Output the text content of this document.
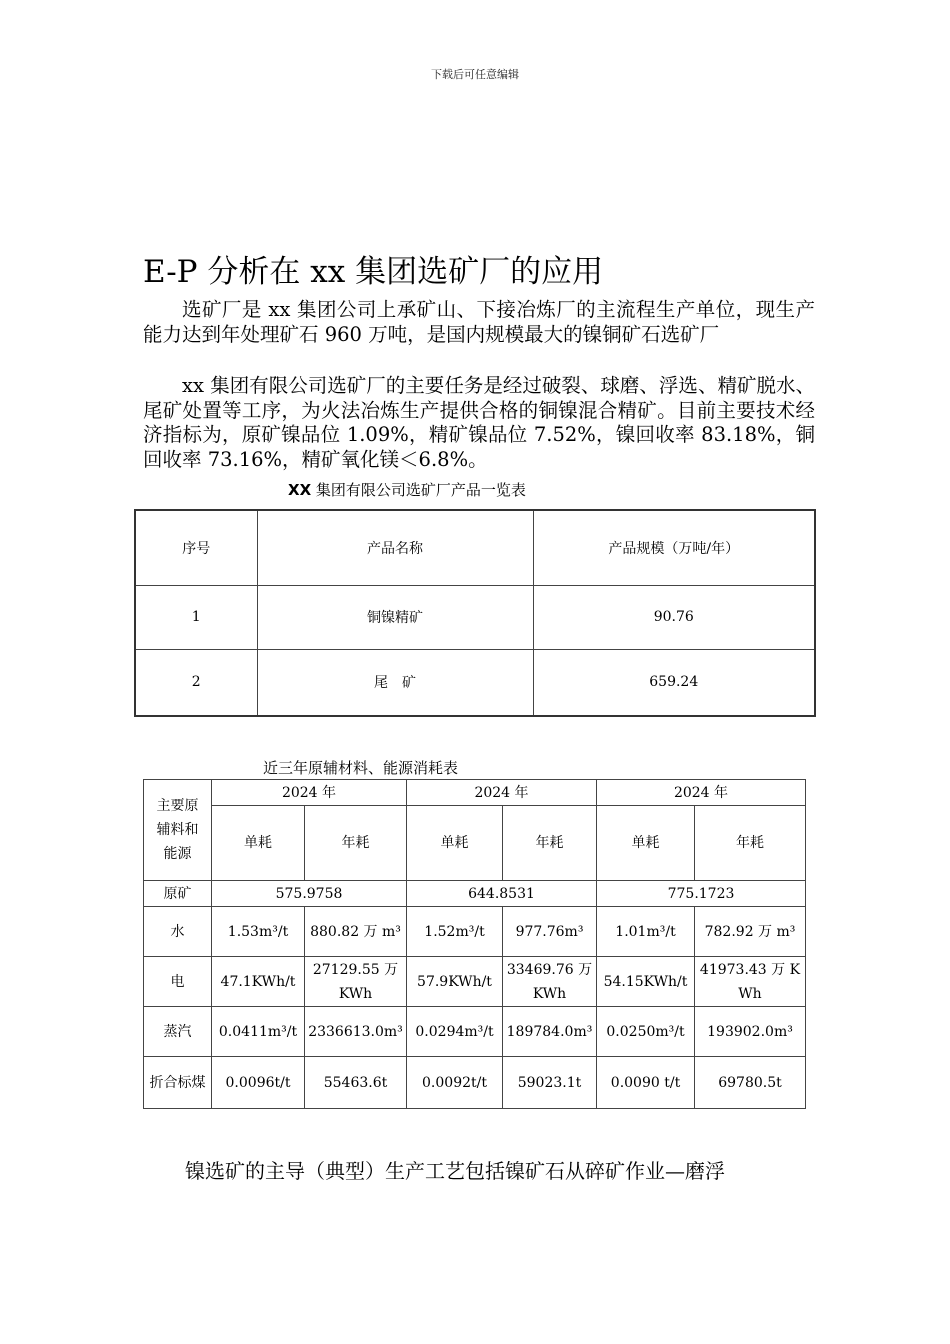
下载后可任意编辑
E-P 分析在 xx 集团选矿厂的应用

选矿厂是 xx 集团公司上承矿山、下接冶炼厂的主流程生产单位，现生产能力达到年处理矿石 960 万吨，是国内规模最大的镍铜矿石选矿厂

xx 集团有限公司选矿厂的主要任务是经过破裂、球磨、浮选、精矿脱水、尾矿处置等工序，为火法冶炼生产提供合格的铜镍混合精矿。目前主要技术经济指标为，原矿镍品位 1.09%，精矿镍品位 7.52%，镍回收率 83.18%，铜回收率 73.16%，精矿氧化镁＜6.8%。

XX 集团有限公司选矿厂产品一览表

序号	产品名称	产品规模（万吨/年）
1	铜镍精矿	90.76
2	尾　矿	659.24

近三年原辅材料、能源消耗表

主要原辅料和能源	2024 年		2024 年		2024 年	
	单耗	年耗	单耗	年耗	单耗	年耗
原矿	575.9758		644.8531		775.1723	
水	1.53m³/t	880.82 万 m³	1.52m³/t	977.76m³	1.01m³/t	782.92 万 m³
电	47.1KWh/t	27129.55 万 KWh	57.9KWh/t	33469.76 万 KWh	54.15KWh/t	41973.43 万 KWh
蒸汽	0.0411m³/t	2336613.0m³	0.0294m³/t	189784.0m³	0.0250m³/t	193902.0m³
折合标煤	0.0096t/t	55463.6t	0.0092t/t	59023.1t	0.0090 t/t	69780.5t

镍选矿的主导（典型）生产工艺包括镍矿石从碎矿作业—磨浮
